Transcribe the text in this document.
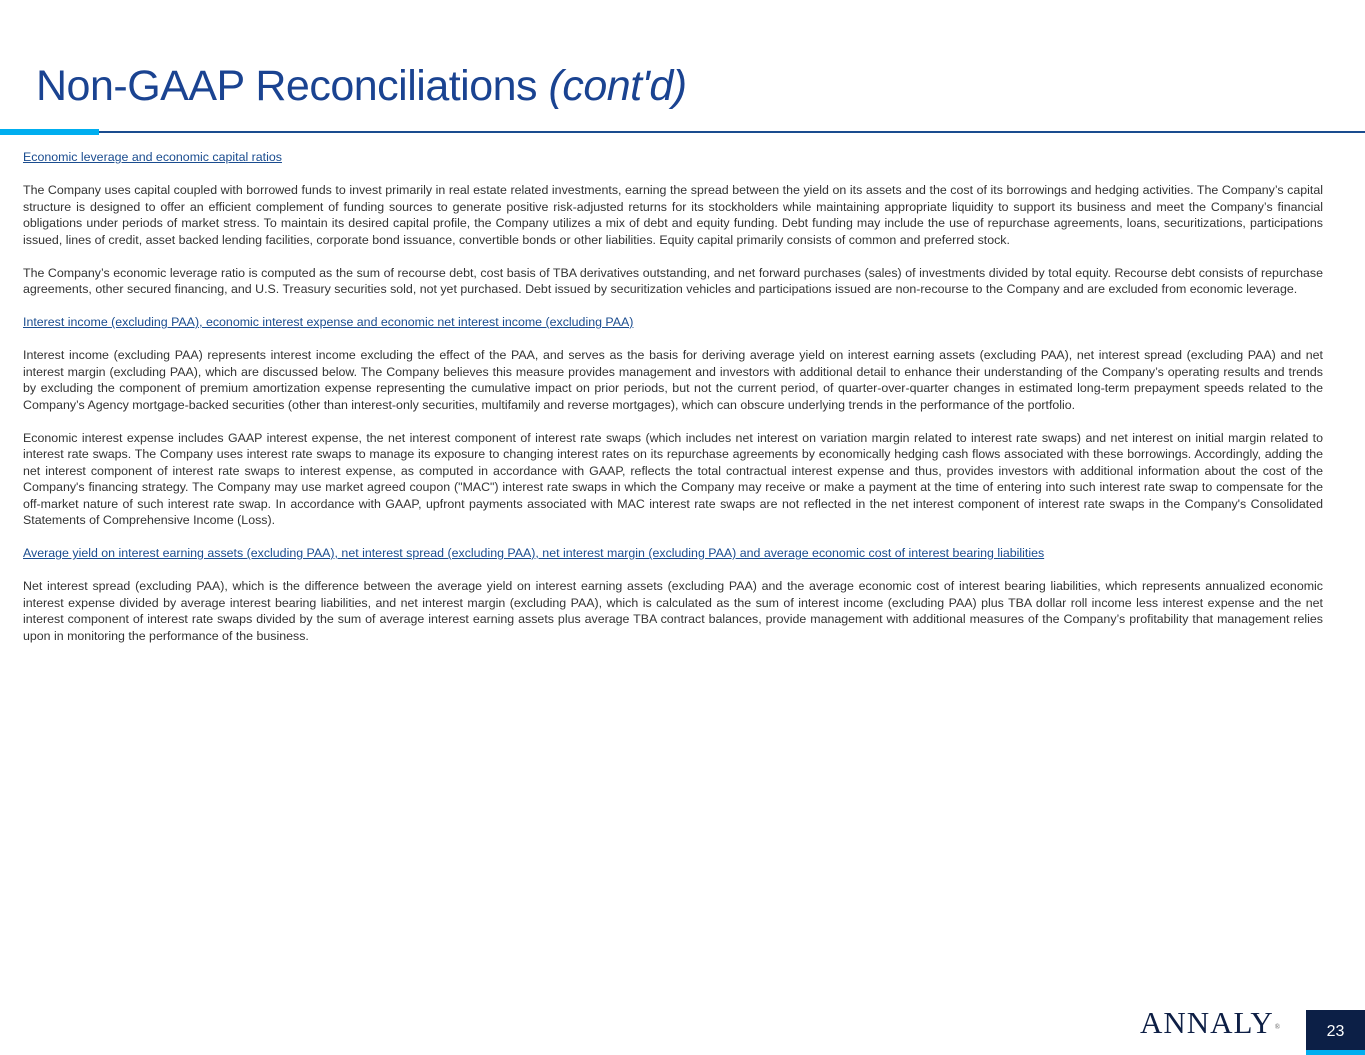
Non-GAAP Reconciliations (cont'd)
Economic leverage and economic capital ratios

The Company uses capital coupled with borrowed funds to invest primarily in real estate related investments, earning the spread between the yield on its assets and the cost of its borrowings and hedging activities. The Company’s capital structure is designed to offer an efficient complement of funding sources to generate positive risk-adjusted returns for its stockholders while maintaining appropriate liquidity to support its business and meet the Company’s financial obligations under periods of market stress. To maintain its desired capital profile, the Company utilizes a mix of debt and equity funding. Debt funding may include the use of repurchase agreements, loans, securitizations, participations issued, lines of credit, asset backed lending facilities, corporate bond issuance, convertible bonds or other liabilities. Equity capital primarily consists of common and preferred stock.

The Company’s economic leverage ratio is computed as the sum of recourse debt, cost basis of TBA derivatives outstanding, and net forward purchases (sales) of investments divided by total equity. Recourse debt consists of repurchase agreements, other secured financing, and U.S. Treasury securities sold, not yet purchased. Debt issued by securitization vehicles and participations issued are non-recourse to the Company and are excluded from economic leverage.

Interest income (excluding PAA), economic interest expense and economic net interest income (excluding PAA)

Interest income (excluding PAA) represents interest income excluding the effect of the PAA, and serves as the basis for deriving average yield on interest earning assets (excluding PAA), net interest spread (excluding PAA) and net interest margin (excluding PAA), which are discussed below. The Company believes this measure provides management and investors with additional detail to enhance their understanding of the Company’s operating results and trends by excluding the component of premium amortization expense representing the cumulative impact on prior periods, but not the current period, of quarter-over-quarter changes in estimated long-term prepayment speeds related to the Company’s Agency mortgage-backed securities (other than interest-only securities, multifamily and reverse mortgages), which can obscure underlying trends in the performance of the portfolio.

Economic interest expense includes GAAP interest expense, the net interest component of interest rate swaps (which includes net interest on variation margin related to interest rate swaps) and net interest on initial margin related to interest rate swaps. The Company uses interest rate swaps to manage its exposure to changing interest rates on its repurchase agreements by economically hedging cash flows associated with these borrowings. Accordingly, adding the net interest component of interest rate swaps to interest expense, as computed in accordance with GAAP, reflects the total contractual interest expense and thus, provides investors with additional information about the cost of the Company's financing strategy. The Company may use market agreed coupon ("MAC") interest rate swaps in which the Company may receive or make a payment at the time of entering into such interest rate swap to compensate for the off-market nature of such interest rate swap. In accordance with GAAP, upfront payments associated with MAC interest rate swaps are not reflected in the net interest component of interest rate swaps in the Company's Consolidated Statements of Comprehensive Income (Loss).

Average yield on interest earning assets (excluding PAA), net interest spread (excluding PAA), net interest margin (excluding PAA) and average economic cost of interest bearing liabilities

Net interest spread (excluding PAA), which is the difference between the average yield on interest earning assets (excluding PAA) and the average economic cost of interest bearing liabilities, which represents annualized economic interest expense divided by average interest bearing liabilities, and net interest margin (excluding PAA), which is calculated as the sum of interest income (excluding PAA) plus TBA dollar roll income less interest expense and the net interest component of interest rate swaps divided by the sum of average interest earning assets plus average TBA contract balances, provide management with additional measures of the Company’s profitability that management relies upon in monitoring the performance of the business.

ANNALY®	23
